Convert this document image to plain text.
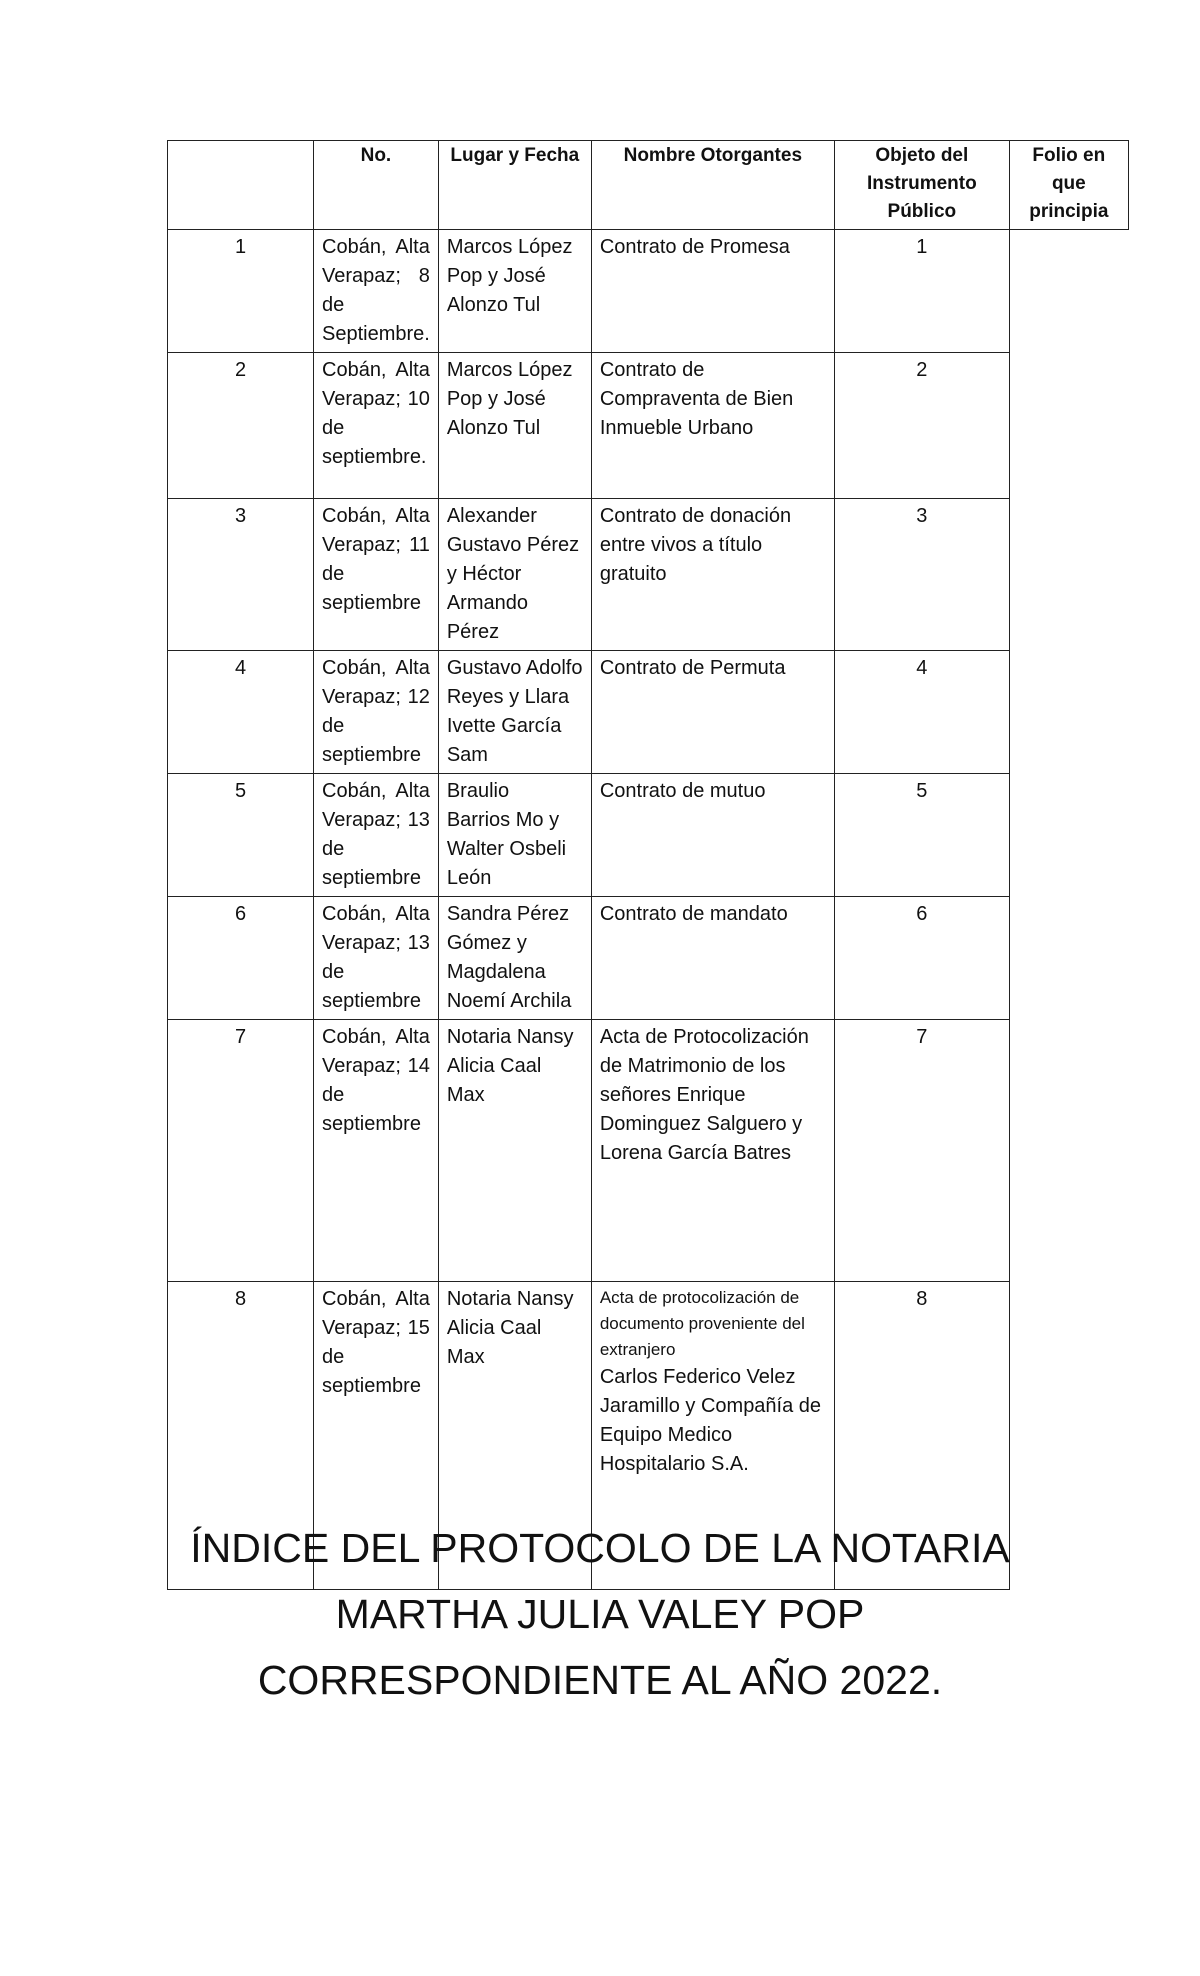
	No.	Lugar y Fecha	Nombre Otorgantes	Objeto del Instrumento Público	Folio en que principia
1	Cobán, Alta Verapaz; 8 de Septiembre.	Marcos López Pop y José Alonzo Tul	Contrato de Promesa	1	
2	Cobán, Alta Verapaz; 10 de septiembre.	Marcos López Pop y José Alonzo Tul	Contrato de Compraventa de Bien Inmueble Urbano	2	
3	Cobán, Alta Verapaz; 11 de septiembre	Alexander Gustavo Pérez y Héctor Armando Pérez	Contrato de donación entre vivos a título gratuito	3	
4	Cobán, Alta Verapaz; 12 de septiembre	Gustavo Adolfo Reyes y Llara Ivette García Sam	Contrato de Permuta	4	
5	Cobán, Alta Verapaz; 13 de septiembre	Braulio  Barrios Mo y Walter Osbeli León	Contrato de mutuo	5	
6	Cobán, Alta Verapaz; 13 de septiembre	Sandra Pérez Gómez y Magdalena  Noemí Archila	Contrato de mandato	6	
7	Cobán, Alta Verapaz; 14 de septiembre	Notaria Nansy Alicia Caal Max	Acta de Protocolización de Matrimonio de los señores Enrique Dominguez Salguero y Lorena García Batres	7	
8	Cobán, Alta Verapaz; 15 de septiembre	Notaria Nansy Alicia Caal Max	Acta de protocolización de documento proveniente del extranjero
Carlos Federico Velez Jaramillo y Compañía de Equipo Medico Hospitalario S.A.	8	
ÍNDICE DEL PROTOCOLO DE LA NOTARIA
MARTHA JULIA VALEY POP
CORRESPONDIENTE AL AÑO 2022.
